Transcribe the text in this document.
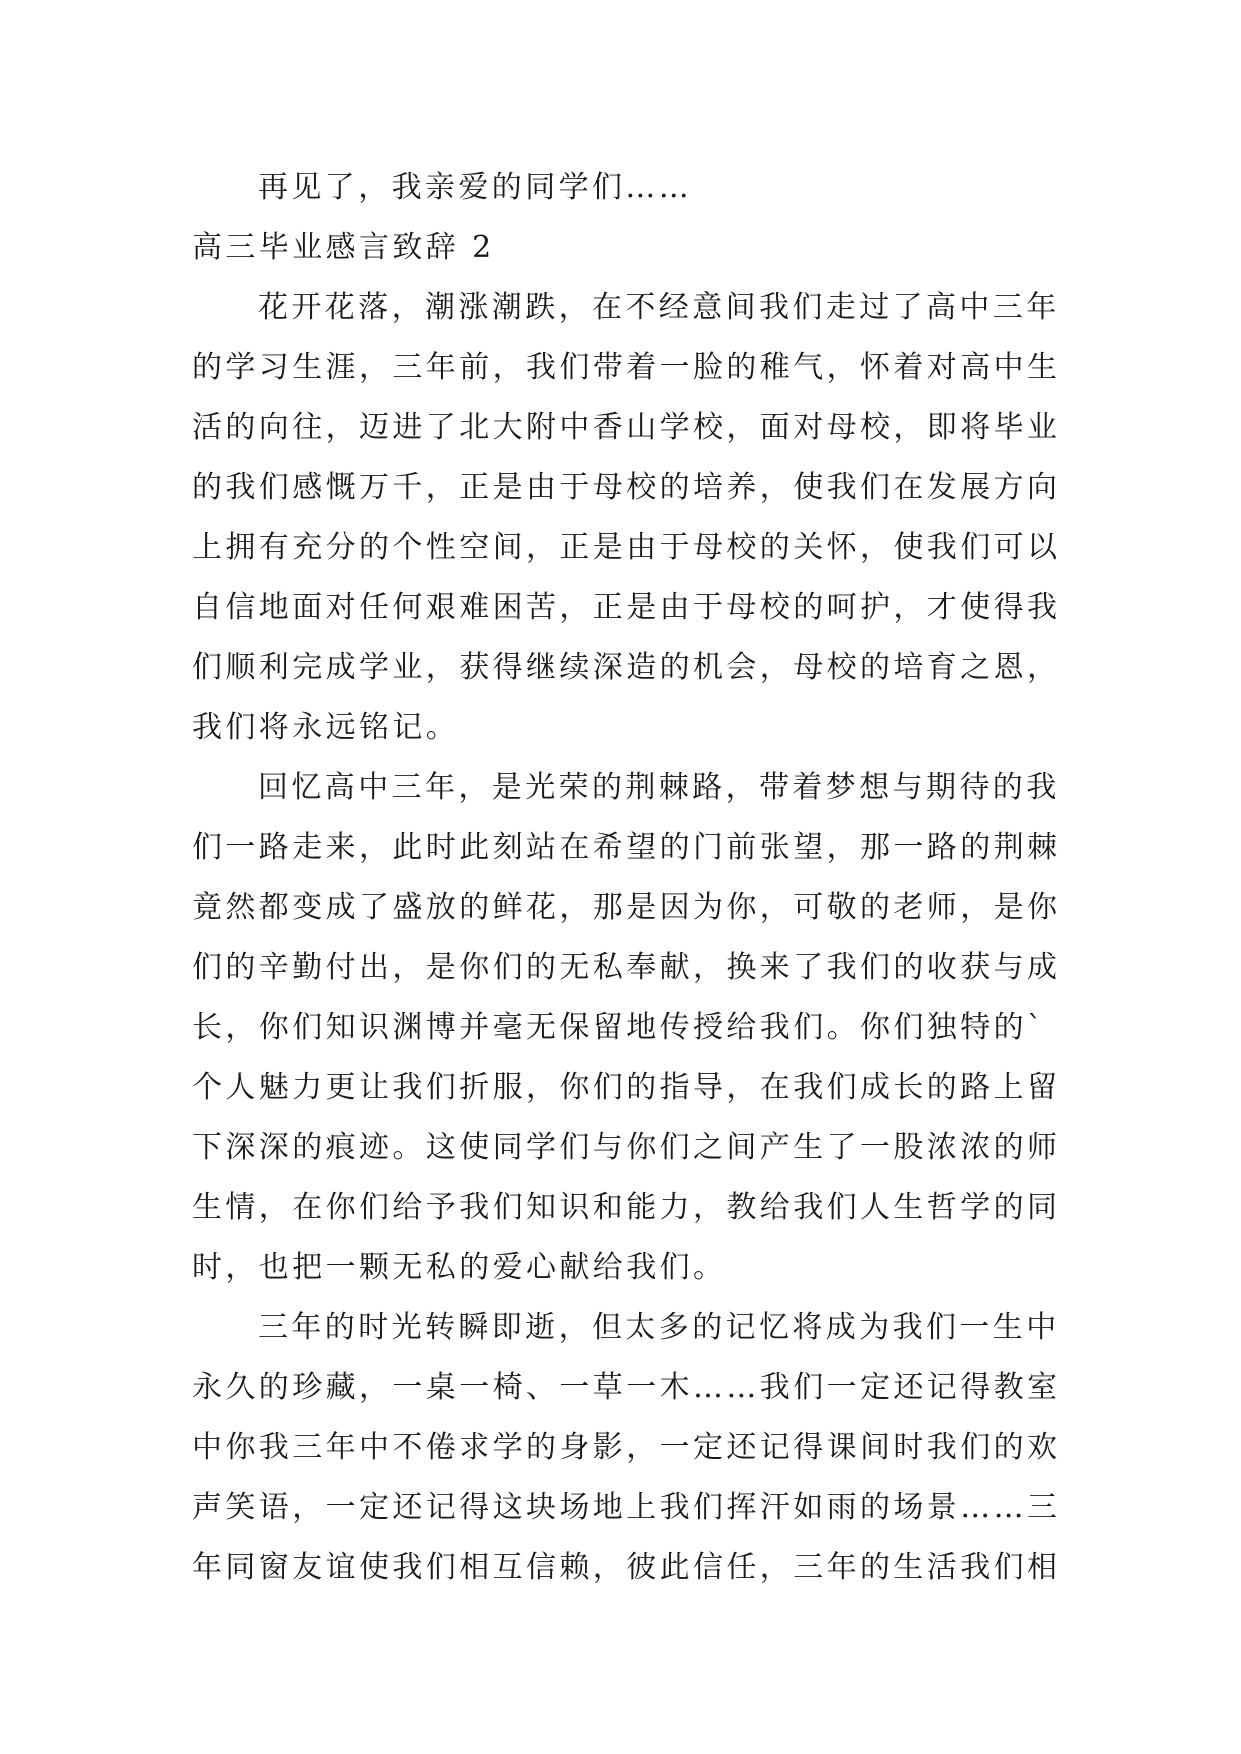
再见了，我亲爱的同学们……
高三毕业感言致辞 2
花开花落，潮涨潮跌，在不经意间我们走过了高中三年
的学习生涯，三年前，我们带着一脸的稚气，怀着对高中生
活的向往，迈进了北大附中香山学校，面对母校，即将毕业
的我们感慨万千，正是由于母校的培养，使我们在发展方向
上拥有充分的个性空间，正是由于母校的关怀，使我们可以
自信地面对任何艰难困苦，正是由于母校的呵护，才使得我
们顺利完成学业，获得继续深造的机会，母校的培育之恩，
我们将永远铭记。
回忆高中三年，是光荣的荆棘路，带着梦想与期待的我
们一路走来，此时此刻站在希望的门前张望，那一路的荆棘
竟然都变成了盛放的鲜花，那是因为你，可敬的老师，是你
们的辛勤付出，是你们的无私奉献，换来了我们的收获与成
长，你们知识渊博并毫无保留地传授给我们。你们独特的`
个人魅力更让我们折服，你们的指导，在我们成长的路上留
下深深的痕迹。这使同学们与你们之间产生了一股浓浓的师
生情，在你们给予我们知识和能力，教给我们人生哲学的同
时，也把一颗无私的爱心献给我们。
三年的时光转瞬即逝，但太多的记忆将成为我们一生中
永久的珍藏，一桌一椅、一草一木……我们一定还记得教室
中你我三年中不倦求学的身影，一定还记得课间时我们的欢
声笑语，一定还记得这块场地上我们挥汗如雨的场景……三
年同窗友谊使我们相互信赖，彼此信任，三年的生活我们相
